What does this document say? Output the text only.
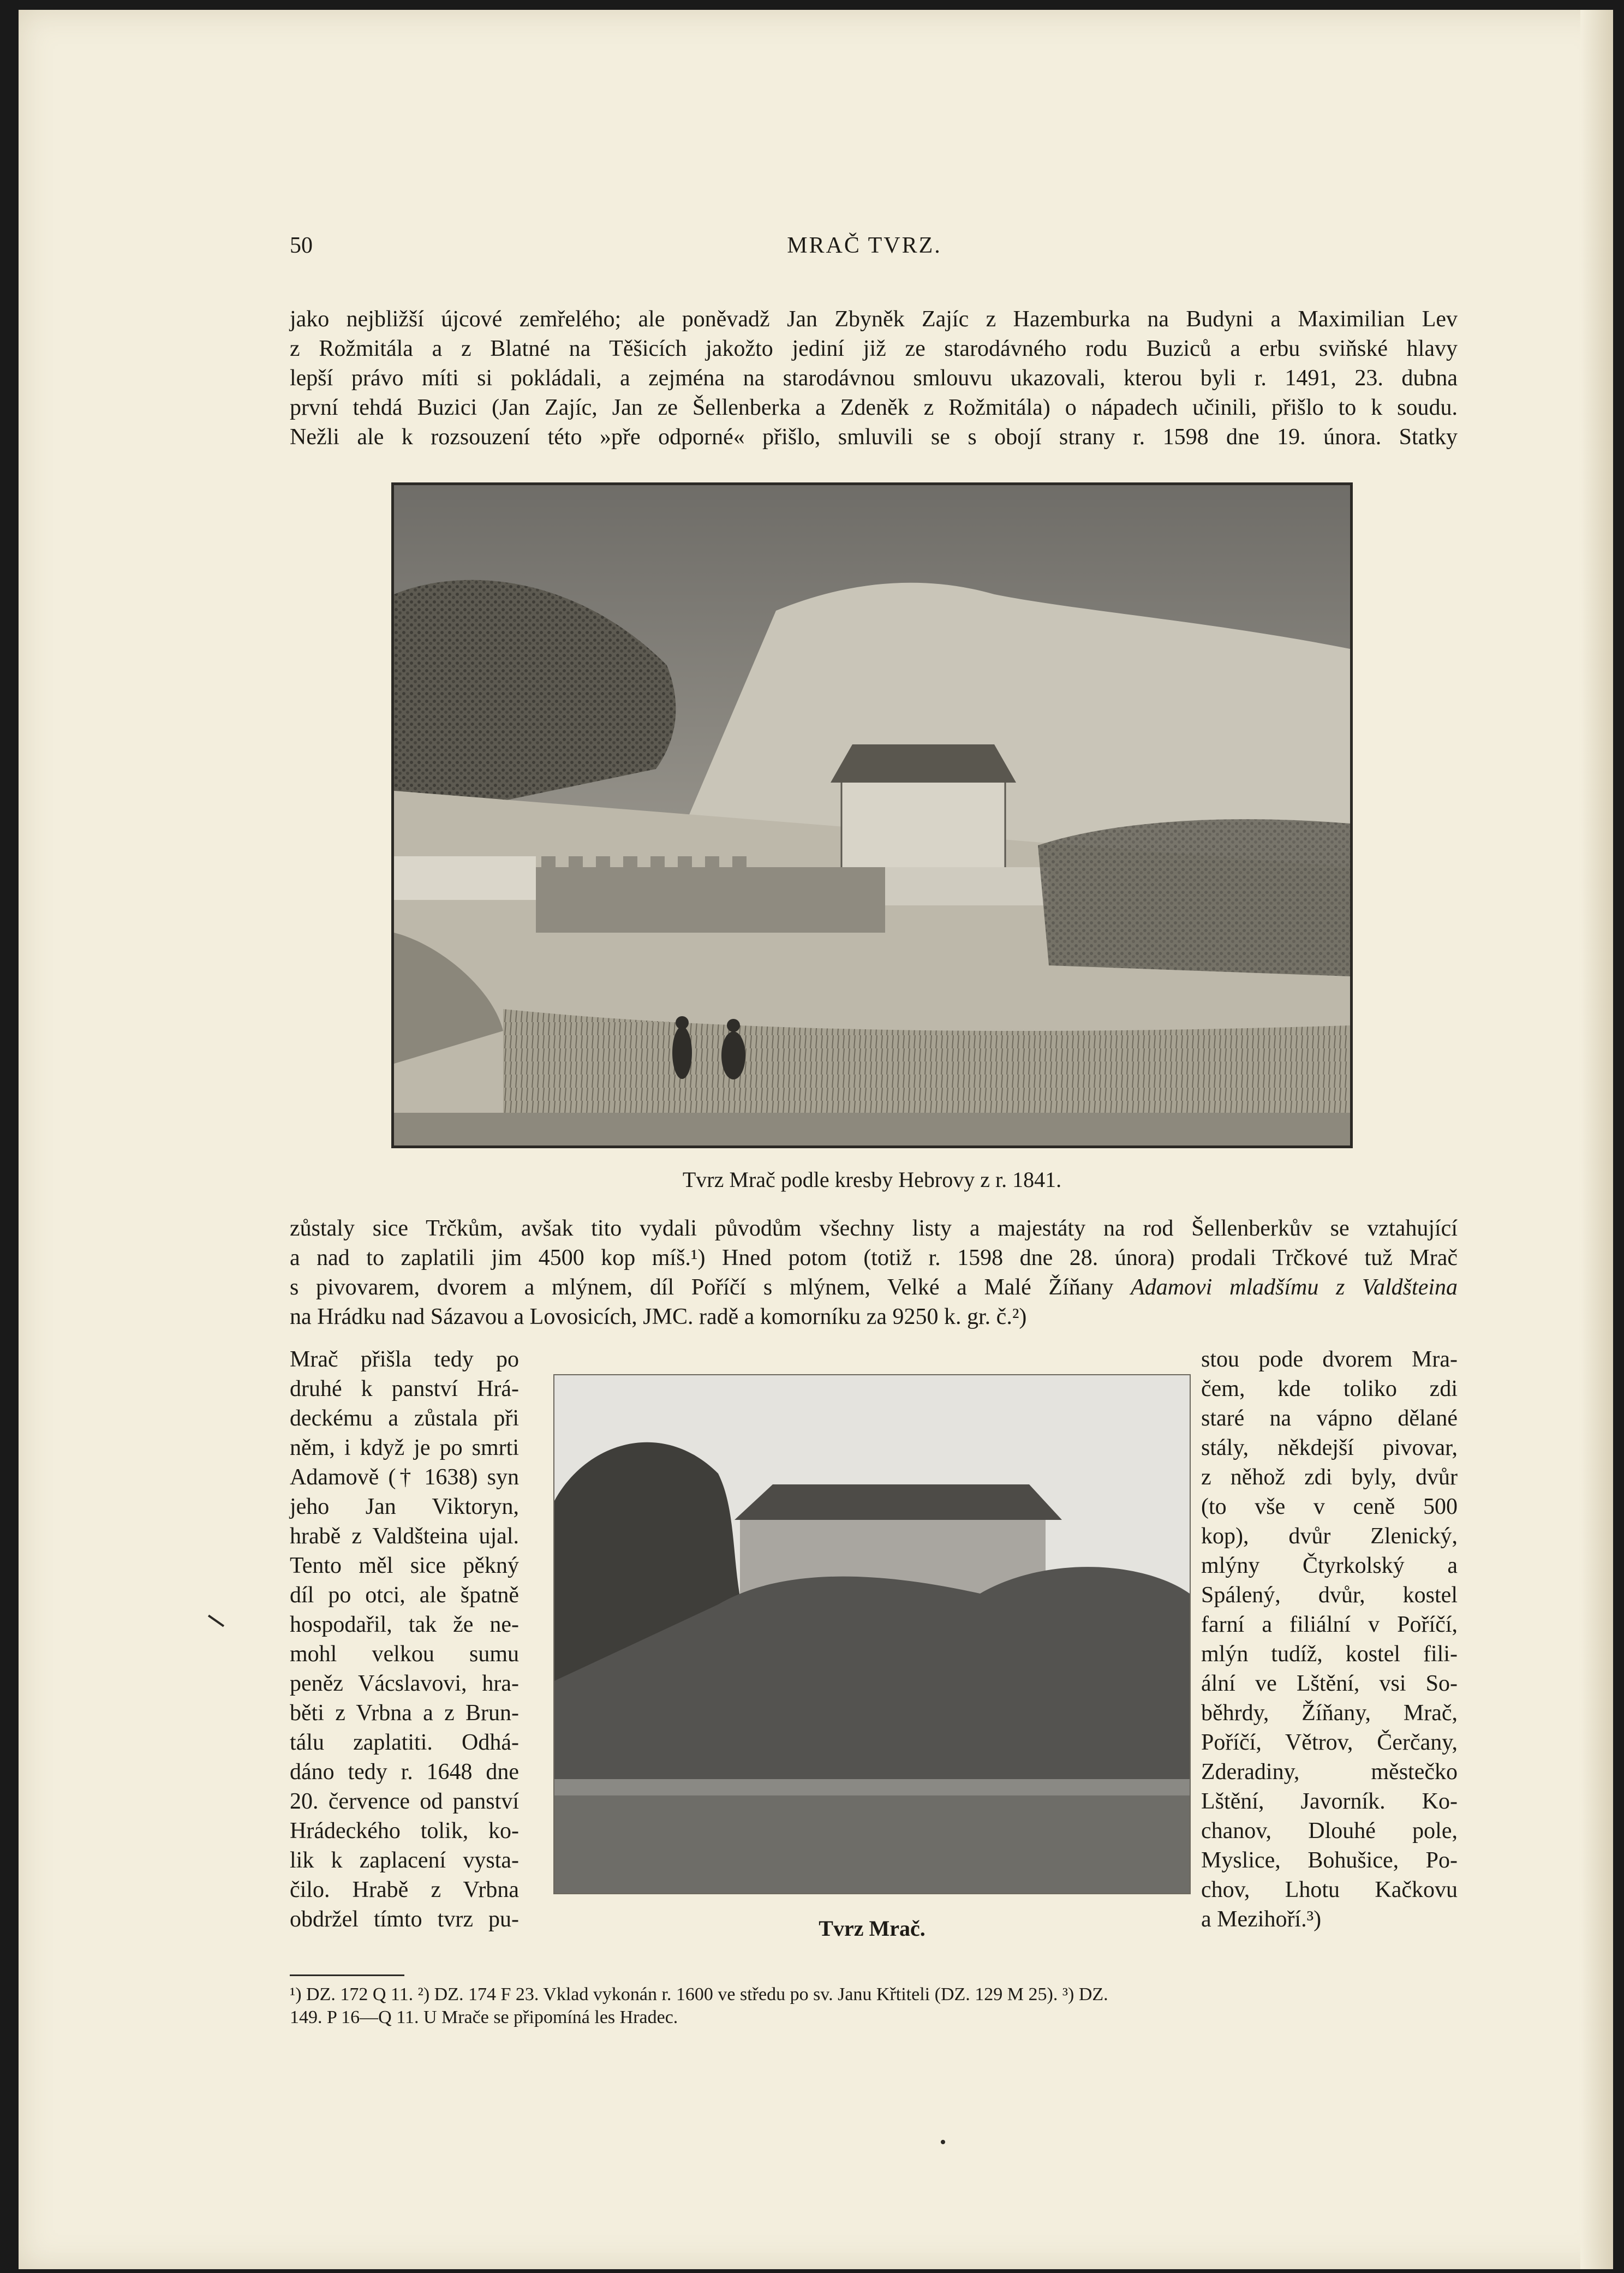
50	MRAČ TVRZ.
jako nejbližší újcové zemřelého; ale poněvadž Jan Zbyněk Zajíc z Hazemburka na Budyni a Maximilian Lev
z Rožmitála a z Blatné na Těšicích jakožto jediní již ze starodávného rodu Buziců a erbu sviňské hlavy
lepší právo míti si pokládali, a zejména na starodávnou smlouvu ukazovali, kterou byli r. 1491, 23. dubna
první tehdá Buzici (Jan Zajíc, Jan ze Šellenberka a Zdeněk z Rožmitála) o nápadech učinili, přišlo to k soudu.
Nežli ale k rozsouzení této »pře odporné« přišlo, smluvili se s obojí strany r. 1598 dne 19. února. Statky
Tvrz Mrač podle kresby Hebrovy z r. 1841.
zůstaly sice Trčkům, avšak tito vydali původům všechny listy a majestáty na rod Šellenberkův se vztahující
a nad to zaplatili jim 4500 kop míš.¹) Hned potom (totiž r. 1598 dne 28. února) prodali Trčkové tuž Mrač
s pivovarem, dvorem a mlýnem, díl Poříčí s mlýnem, Velké a Malé Žíňany Adamovi mladšímu z Valdšteina
na Hrádku nad Sázavou a Lovosicích, JMC. radě a komorníku za 9250 k. gr. č.²)
Mrač přišla tedy po
druhé k panství Hrá-
deckému a zůstala při
něm, i když je po smrti
Adamově († 1638) syn
jeho Jan Viktoryn,
hrabě z Valdšteina ujal.
Tento měl sice pěkný
díl po otci, ale špatně
hospodařil, tak že ne-
mohl velkou sumu
peněz Vácslavovi, hra-
běti z Vrbna a z Brun-
tálu zaplatiti. Odhá-
dáno tedy r. 1648 dne
20. července od panství
Hrádeckého tolik, ko-
lik k zaplacení vysta-
čilo. Hrabě z Vrbna
obdržel tímto tvrz pu-	Tvrz Mrač.
stou pode dvorem Mra-
čem, kde toliko zdi
staré na vápno dělané
stály, někdejší pivovar,
z něhož zdi byly, dvůr
(to vše v ceně 500
kop), dvůr Zlenický,
mlýny Čtyrkolský a
Spálený, dvůr, kostel
farní a filiální v Poříčí,
mlýn tudíž, kostel fili-
ální ve Lštění, vsi So-
běhrdy, Žíňany, Mrač,
Poříčí, Větrov, Čerčany,
Zderadiny, městečko
Lštění, Javorník. Ko-
chanov, Dlouhé pole,
Myslice, Bohušice, Po-
chov, Lhotu Kačkovu
a Mezihoří.³)
¹) DZ. 172 Q 11. ²) DZ. 174 F 23. Vklad vykonán r. 1600 ve středu po sv. Janu Křtiteli (DZ. 129 M 25). ³) DZ.
149. P 16—Q 11. U Mrače se připomíná les Hradec.
